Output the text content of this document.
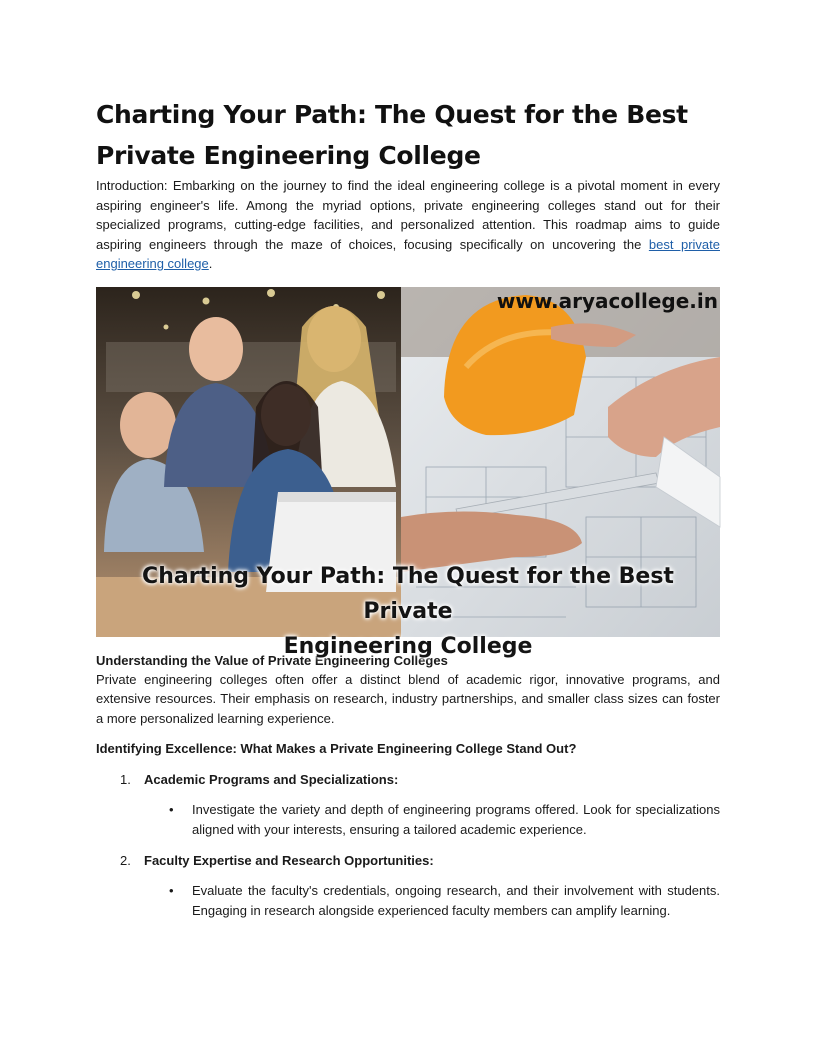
Charting Your Path: The Quest for the Best Private Engineering College

Introduction: Embarking on the journey to find the ideal engineering college is a pivotal moment in every aspiring engineer's life. Among the myriad options, private engineering colleges stand out for their specialized programs, cutting-edge facilities, and personalized attention. This roadmap aims to guide aspiring engineers through the maze of choices, focusing specifically on uncovering the best private engineering college.

www.aryacollege.in
Charting Your Path: The Quest for the Best Private
Engineering College

Understanding the Value of Private Engineering Colleges

Private engineering colleges often offer a distinct blend of academic rigor, innovative programs, and extensive resources. Their emphasis on research, industry partnerships, and smaller class sizes can foster a more personalized learning experience.

Identifying Excellence: What Makes a Private Engineering College Stand Out?

1. Academic Programs and Specializations:
• Investigate the variety and depth of engineering programs offered. Look for specializations aligned with your interests, ensuring a tailored academic experience.
2. Faculty Expertise and Research Opportunities:
• Evaluate the faculty's credentials, ongoing research, and their involvement with students. Engaging in research alongside experienced faculty members can amplify learning.
